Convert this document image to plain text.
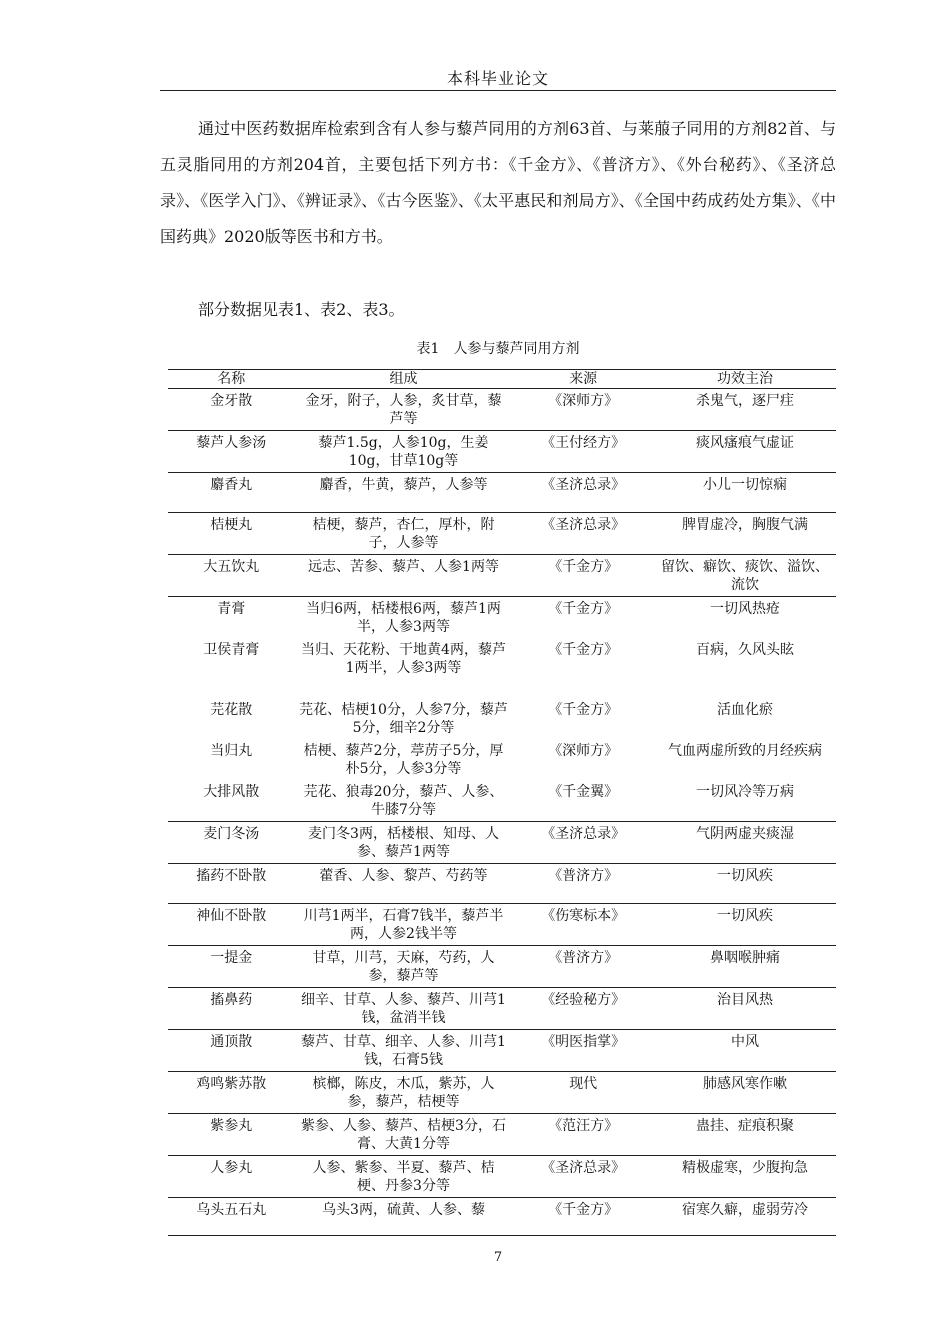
本科毕业论文
通过中医药数据库检索到含有人参与藜芦同用的方剂63首、与莱菔子同用的方剂82首、与五灵脂同用的方剂204首，主要包括下列方书：《千金方》、《普济方》、《外台秘药》、《圣济总录》、《医学入门》、《辨证录》、《古今医鉴》、《太平惠民和剂局方》、《全国中药成药处方集》、《中国药典》2020版等医书和方书。
部分数据见表1、表2、表3。
表1　人参与藜芦同用方剂
名称	组成	来源	功效主治
金牙散	金牙，附子，人参，炙甘草，藜芦等	《深师方》	杀鬼气，逐尸疰
藜芦人参汤	藜芦1.5g，人参10g，生姜10g，甘草10g等	《王付经方》	痰风瘙痕气虚证
麝香丸	麝香，牛黄，藜芦，人参等	《圣济总录》	小儿一切惊痫
桔梗丸	桔梗，藜芦，杏仁，厚朴，附子，人参等	《圣济总录》	脾胃虚冷，胸腹气满
大五饮丸	远志、苦参、藜芦、人参1两等	《千金方》	留饮、癖饮、痰饮、溢饮、流饮
青膏	当归6两，栝楼根6两，藜芦1两半，人参3两等	《千金方》	一切风热疮
卫侯青膏	当归、天花粉、干地黄4两，藜芦1两半，人参3两等	《千金方》	百病，久风头眩
芫花散	芫花、桔梗10分，人参7分，藜芦5分，细辛2分等	《千金方》	活血化瘀
当归丸	桔梗、藜芦2分，葶苈子5分，厚朴5分，人参3分等	《深师方》	气血两虚所致的月经疾病
大排风散	芫花、狼毒20分，藜芦、人参、牛膝7分等	《千金翼》	一切风冷等万病
麦门冬汤	麦门冬3两，栝楼根、知母、人参、藜芦1两等	《圣济总录》	气阴两虚夹痰湿
搐药不卧散	藿香、人参、黎芦、芍药等	《普济方》	一切风疾
神仙不卧散	川芎1两半，石膏7钱半，藜芦半两，人参2钱半等	《伤寒标本》	一切风疾
一提金	甘草，川芎，天麻，芍药，人参，藜芦等	《普济方》	鼻咽喉肿痛
搐鼻药	细辛、甘草、人参、藜芦、川芎1钱，盆消半钱	《经验秘方》	治目风热
通顶散	藜芦、甘草、细辛、人参、川芎1钱，石膏5钱	《明医指掌》	中风
鸡鸣紫苏散	槟榔，陈皮，木瓜，紫苏，人参，藜芦，桔梗等	现代	肺感风寒作嗽
紫参丸	紫参、人参、藜芦、桔梗3分，石膏、大黄1分等	《范汪方》	蛊挂、症痕积聚
人参丸	人参、紫参、半夏、藜芦、桔梗、丹参3分等	《圣济总录》	精极虚寒，少腹拘急
乌头五石丸	乌头3两，硫黄、人参、藜	《千金方》	宿寒久癖，虚弱劳冷
7
